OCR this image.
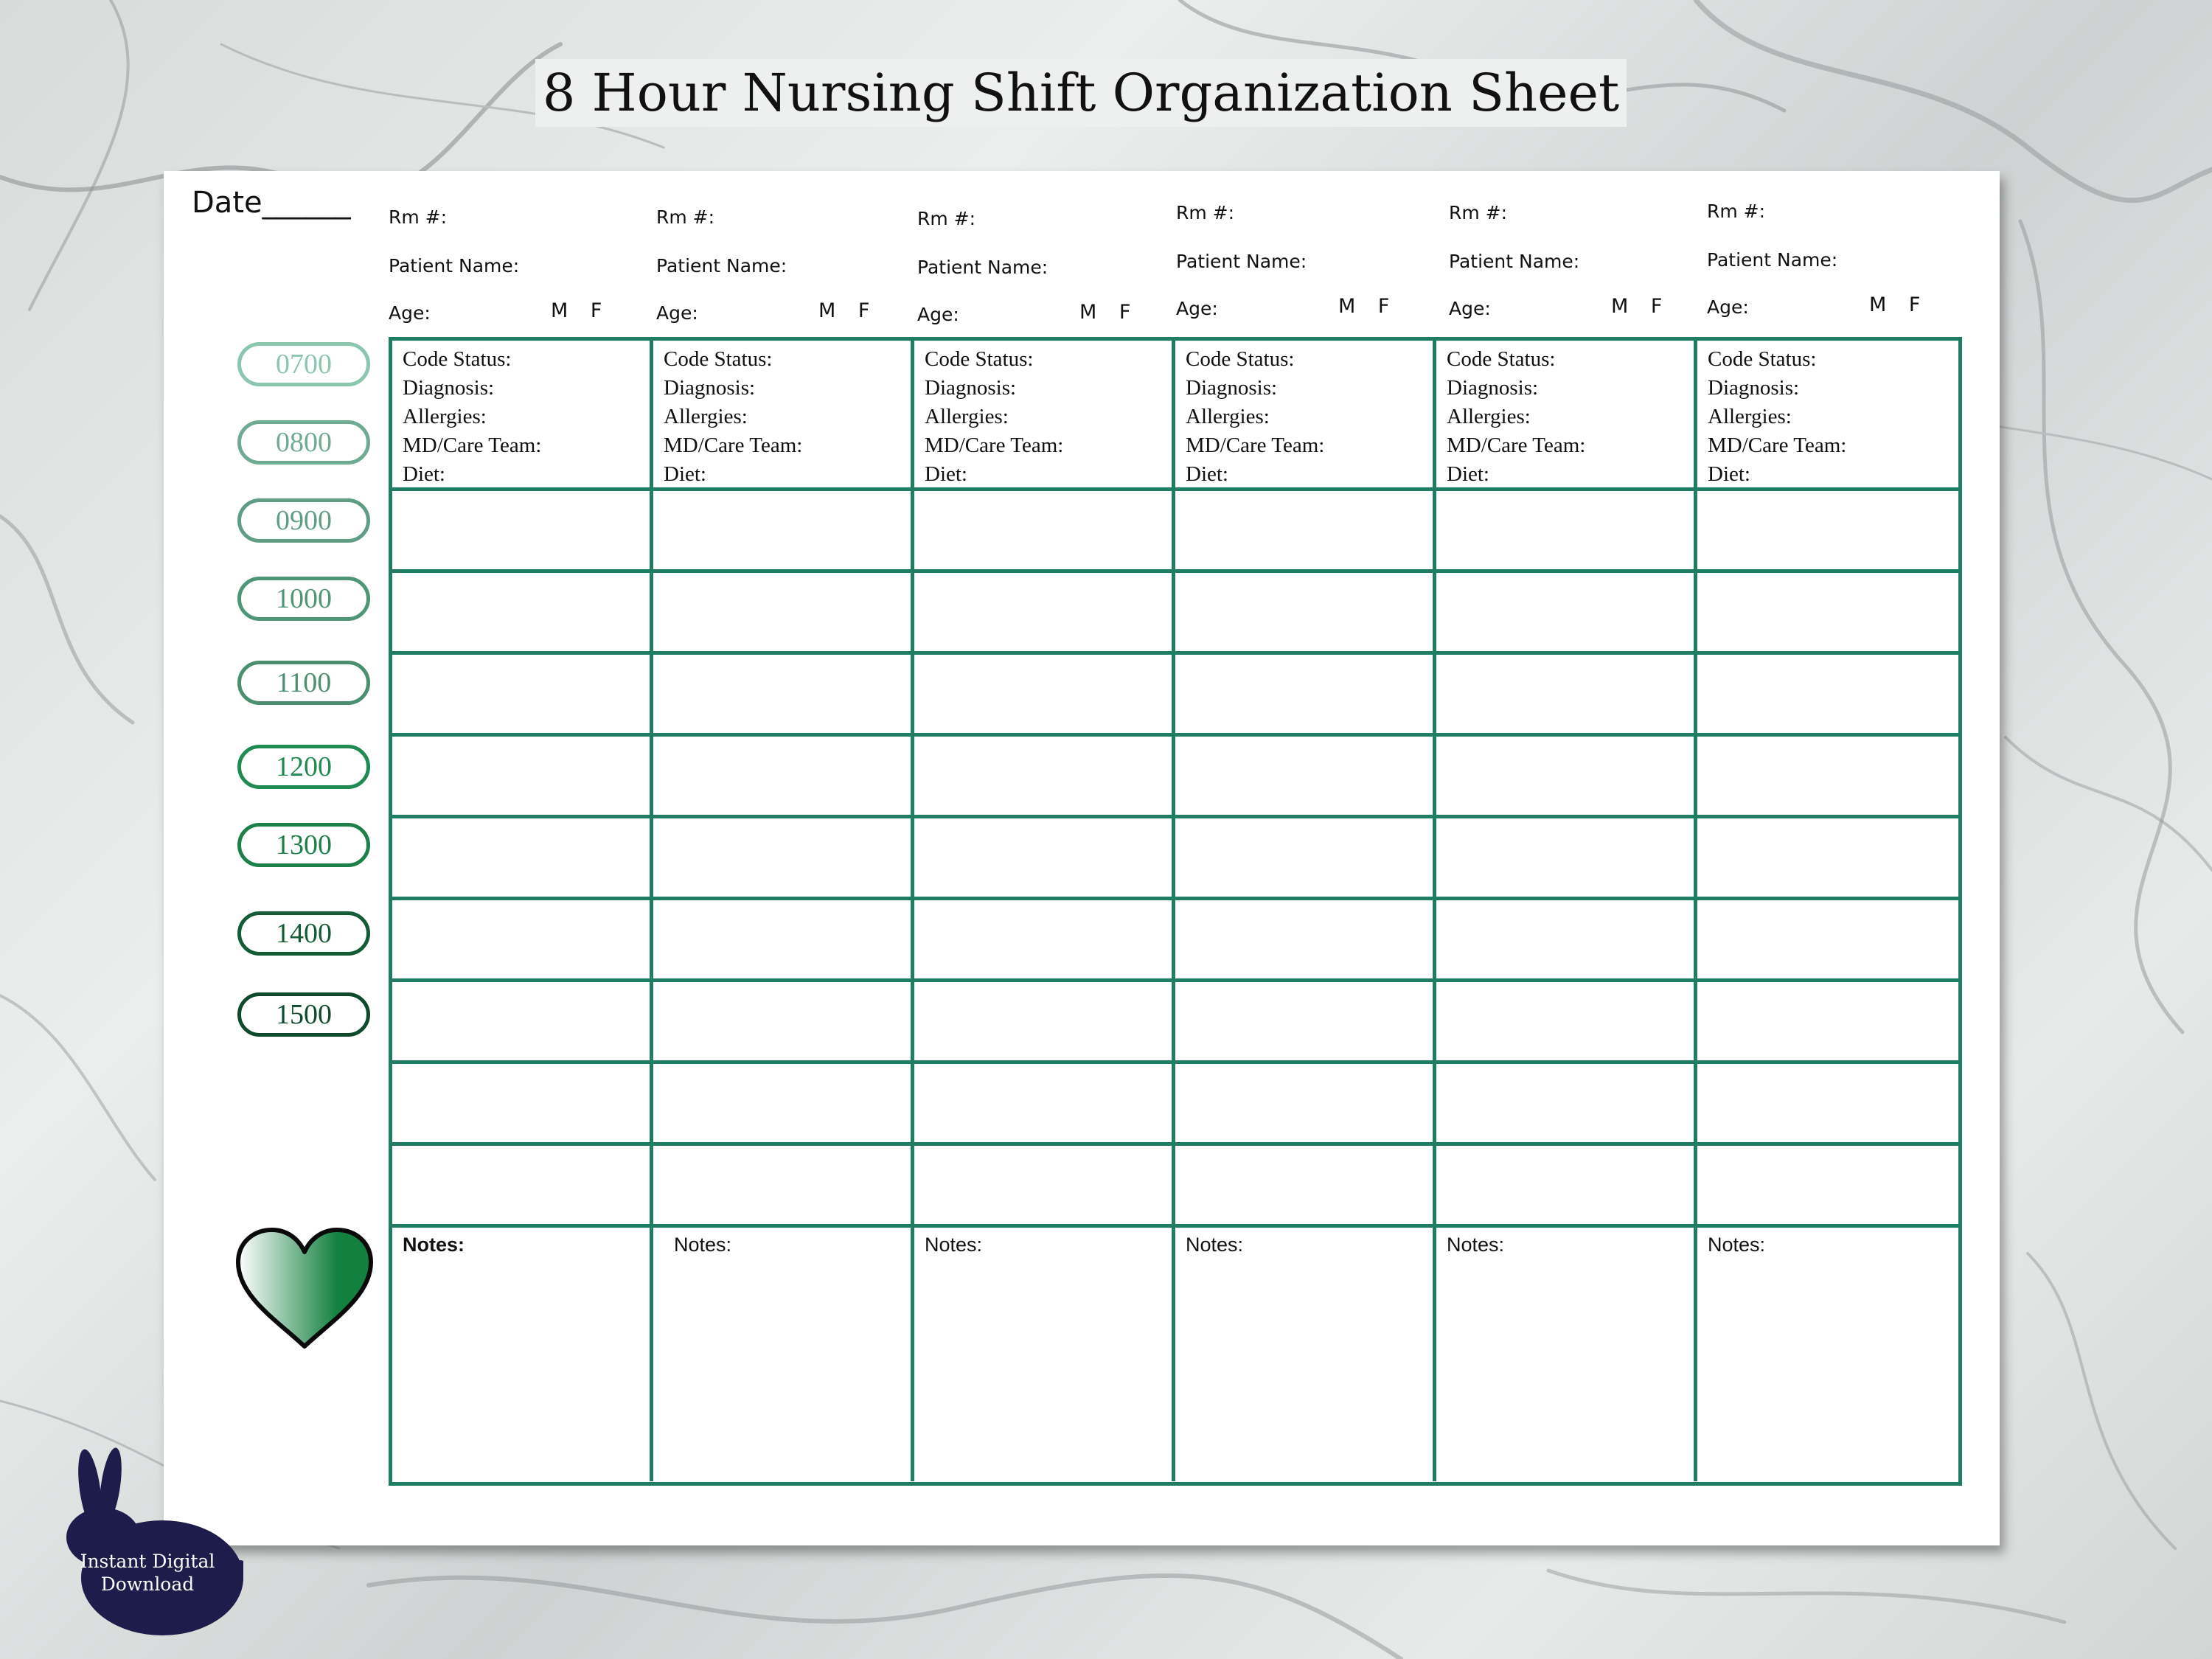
8 Hour Nursing Shift Organization Sheet
Date______ Rm #:
Patient Name:
Age:	M F
Rm #:
Patient Name:
Age:	M F
Rm #:
Patient Name:
Age:	M F
Rm #:
Patient Name:
Age:	M F
Rm #:
Patient Name:
Age:	M F
Rm #:
Patient Name:
Age:	M F
Code Status:
Diagnosis:
Allergies:
MD/Care Team:
Diet:
Code Status:
Diagnosis:
Allergies:
MD/Care Team:
Diet:
Code Status:
Diagnosis:
Allergies:
MD/Care Team:
Diet:
Code Status:
Diagnosis:
Allergies:
MD/Care Team:
Diet:
Code Status:
Diagnosis:
Allergies:
MD/Care Team:
Diet:
Code Status:
Diagnosis:
Allergies:
MD/Care Team:
Diet:
Notes:	Notes:	Notes:	Notes:	Notes:	Notes:
0700
0800
0900
1000
1100
1200
1300
1400
1500
Instant Digital
Download
